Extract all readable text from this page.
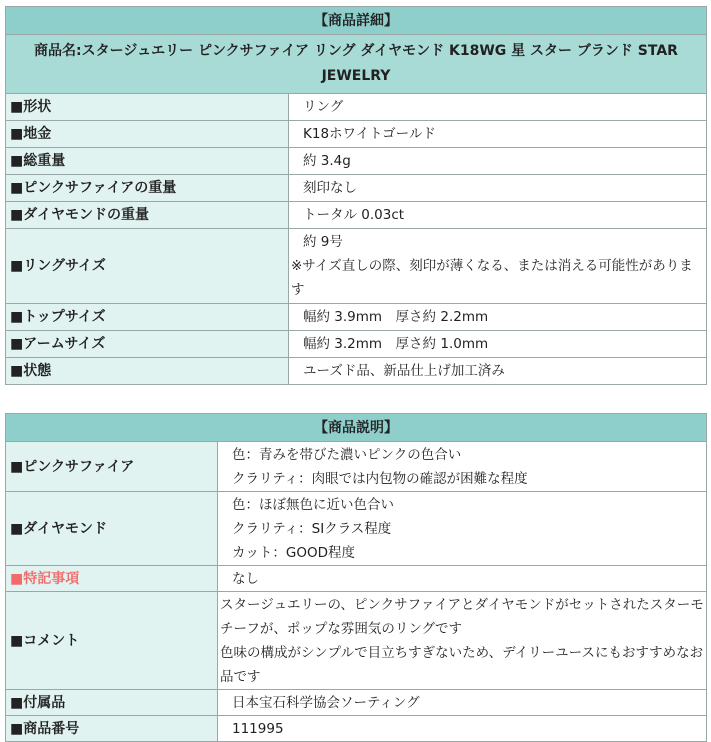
【商品詳細】	
商品名:スタージュエリー ピンクサファイア リング ダイヤモンド K18WG 星 スター ブランド STAR JEWELRY	
■形状	リング
■地金	K18ホワイトゴールド
■総重量	約 3.4g
■ピンクサファイアの重量	刻印なし
■ダイヤモンドの重量	トータル 0.03ct
■リングサイズ	約 9号
※サイズ直しの際、刻印が薄くなる、または消える可能性があります

■トップサイズ	幅約 3.9mm　厚さ約 2.2mm
■アームサイズ	幅約 3.2mm　厚さ約 1.0mm
■状態	ユーズド品、新品仕上げ加工済み
【商品説明】	
■ピンクサファイア	色：青みを帯びた濃いピンクの色合い
クラリティ：肉眼では内包物の確認が困難な程度

■ダイヤモンド	色：ほぼ無色に近い色合い
クラリティ：SIクラス程度
カット：GOOD程度

■特記事項	なし
■コメント	スタージュエリーの、ピンクサファイアとダイヤモンドがセットされたスターモチーフが、ポップな雰囲気のリングです
色味の構成がシンプルで目立ちすぎないため、デイリーユースにもおすすめなお品です

■付属品	日本宝石科学協会ソーティング
■商品番号	111995
